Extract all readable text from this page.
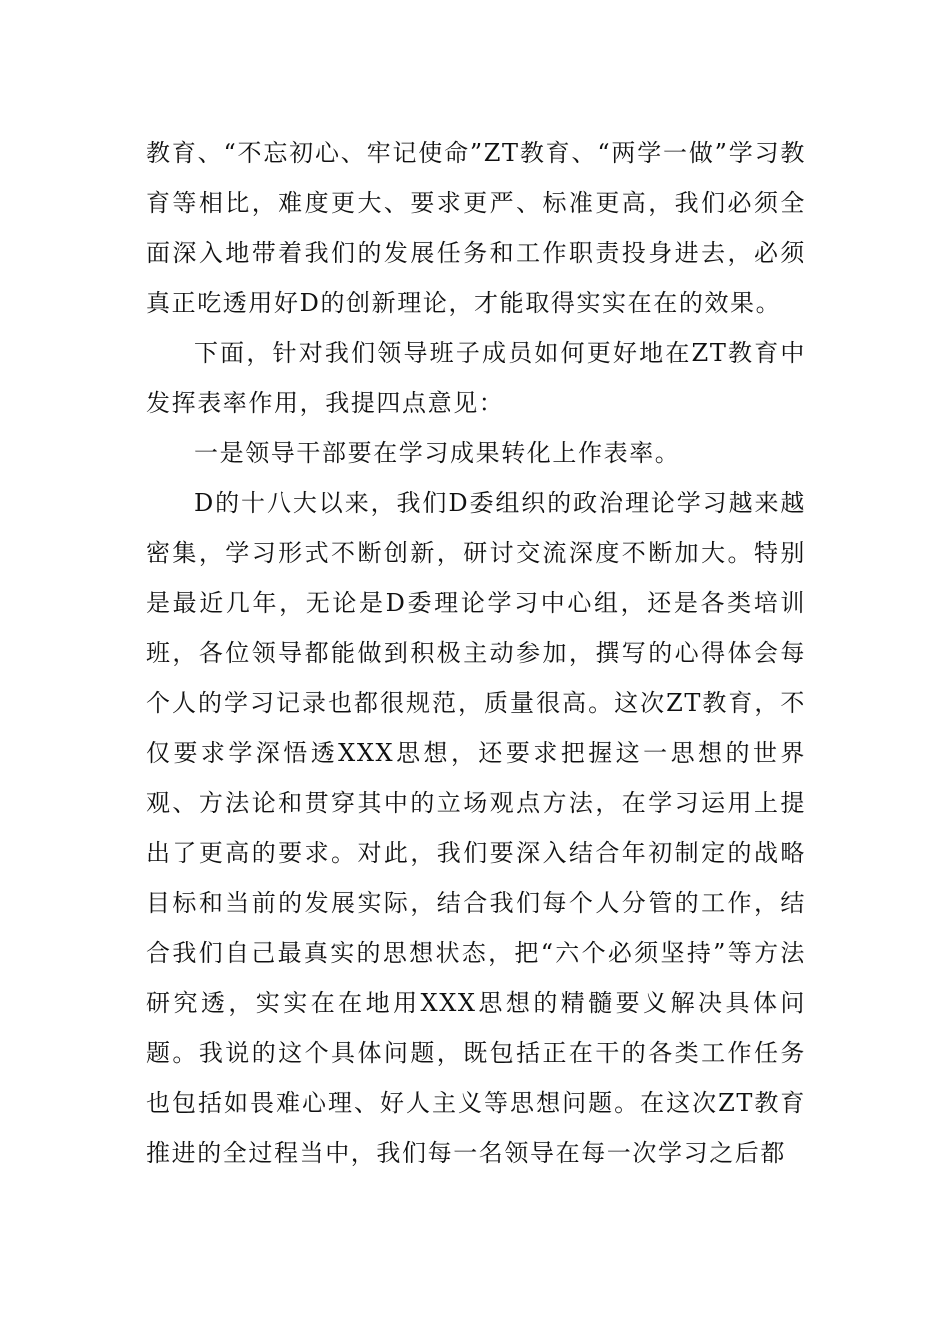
教育、“不忘初心、牢记使命”ZT教育、“两学一做”学习教育等相比，难度更大、要求更严、标准更高，我们必须全面深入地带着我们的发展任务和工作职责投身进去，必须真正吃透用好D的创新理论，才能取得实实在在的效果。

下面，针对我们领导班子成员如何更好地在ZT教育中发挥表率作用，我提四点意见：

一是领导干部要在学习成果转化上作表率。

D的十八大以来，我们D委组织的政治理论学习越来越密集，学习形式不断创新，研讨交流深度不断加大。特别是最近几年，无论是D委理论学习中心组，还是各类培训班，各位领导都能做到积极主动参加，撰写的心得体会每个人的学习记录也都很规范，质量很高。这次ZT教育，不仅要求学深悟透XXX思想，还要求把握这一思想的世界观、方法论和贯穿其中的立场观点方法，在学习运用上提出了更高的要求。对此，我们要深入结合年初制定的战略目标和当前的发展实际，结合我们每个人分管的工作，结合我们自己最真实的思想状态，把“六个必须坚持”等方法研究透，实实在在地用XXX思想的精髓要义解决具体问题。我说的这个具体问题，既包括正在干的各类工作任务也包括如畏难心理、好人主义等思想问题。在这次ZT教育推进的全过程当中，我们每一名领导在每一次学习之后都
